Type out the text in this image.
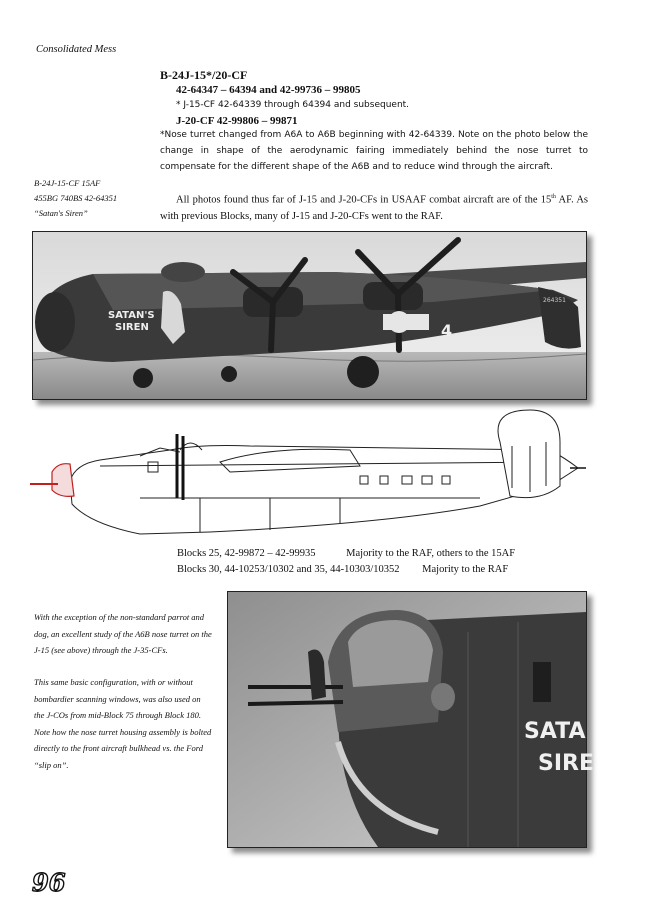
Consolidated Mess
B-24J-15*/20-CF
42-64347 – 64394 and 42-99736 – 99805
* J-15-CF 42-64339 through 64394 and subsequent.
J-20-CF 42-99806 – 99871
*Nose turret changed from A6A to A6B beginning with 42-64339. Note on the photo below the change in shape of the aerodynamic fairing immediately behind the nose turret to compensate for the different shape of the A6B and to reduce wind through the aircraft.
B-24J-15-CF 15AF
455BG 740BS 42-64351
“Satan's Siren”
All photos found thus far of J-15 and J-20-CFs in USAAF combat aircraft are of the 15th AF. As with previous Blocks, many of J-15 and J-20-CFs went to the RAF.
SATAN'S
SIREN	4
264351
Blocks 25, 42-99872 – 42-99935	Majority to the RAF, others to the 15AF
Blocks 30, 44-10253/10302 and 35, 44-10303/10352 Majority to the RAF
With the exception of the non-standard parrot and dog, an excellent study of the A6B nose turret on the J-15 (see above) through the J-35-CFs.
This same basic configuration, with or without bombardier scanning windows, was also used on the J-COs from mid-Block 75 through Block 180. Note how the nose turret housing assembly is bolted directly to the front aircraft bulkhead vs. the Ford “slip on”.
SATA
SIRE
96
